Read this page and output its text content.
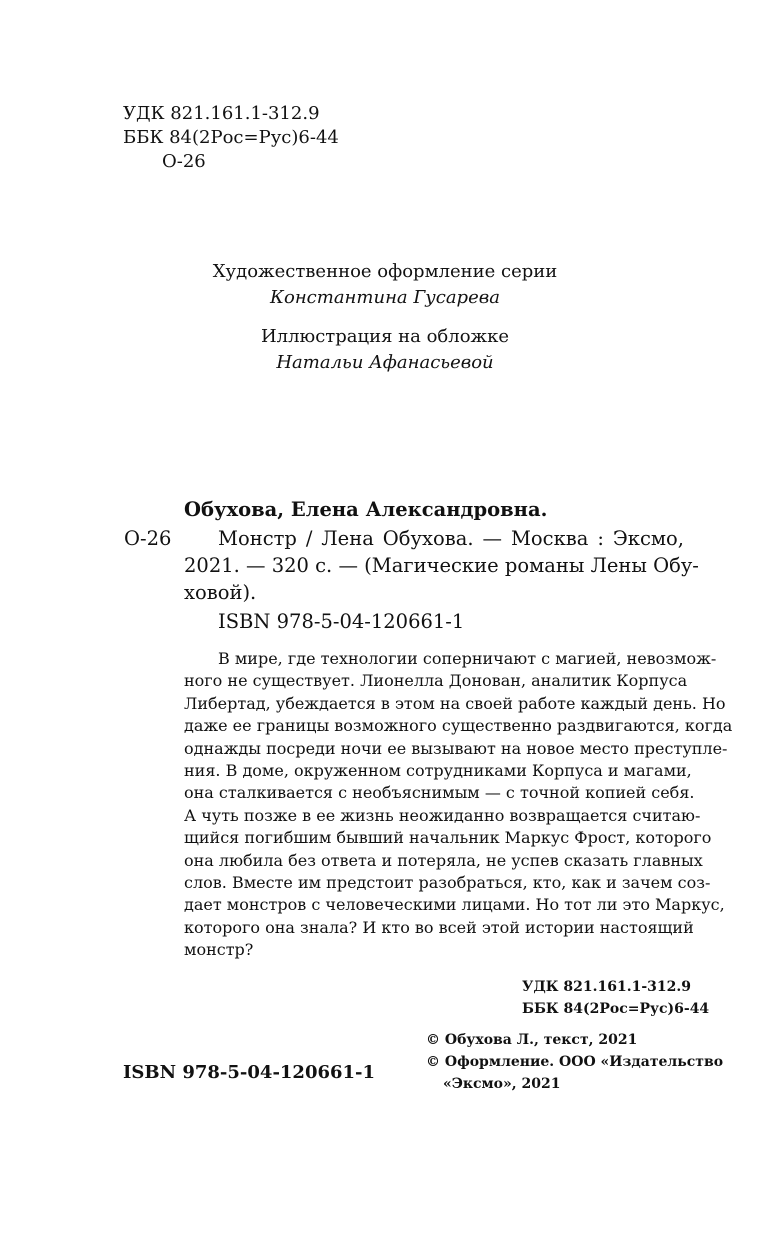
УДК 821.161.1-312.9
ББК 84(2Рос=Рус)6-44
О-26
Художественное оформление серии
Константина Гусарева
Иллюстрация на обложке
Натальи Афанасьевой
Обухова, Елена Александровна.
О-26	Монстр / Лена Обухова. — Москва : Эксмо,
2021. — 320 с. — (Магические романы Лены Обу-
ховой).
ISBN 978-5-04-120661-1
В мире, где технологии соперничают с магией, невозмож-
ного не существует. Лионелла Донован, аналитик Корпуса
Либертад, убеждается в этом на своей работе каждый день. Но
даже ее границы возможного существенно раздвигаются, когда
однажды посреди ночи ее вызывают на новое место преступле-
ния. В доме, окруженном сотрудниками Корпуса и магами,
она сталкивается с необъяснимым — с точной копией себя.
А чуть позже в ее жизнь неожиданно возвращается считаю-
щийся погибшим бывший начальник Маркус Фрост, которого
она любила без ответа и потеряла, не успев сказать главных
слов. Вместе им предстоит разобраться, кто, как и зачем соз-
дает монстров с человеческими лицами. Но тот ли это Маркус,
которого она знала? И кто во всей этой истории настоящий
монстр?
УДК 821.161.1-312.9
ББК 84(2Рос=Рус)6-44
ISBN 978-5-04-120661-1
© Обухова Л., текст, 2021
© Оформление. ООО «Издательство
«Эксмо», 2021
